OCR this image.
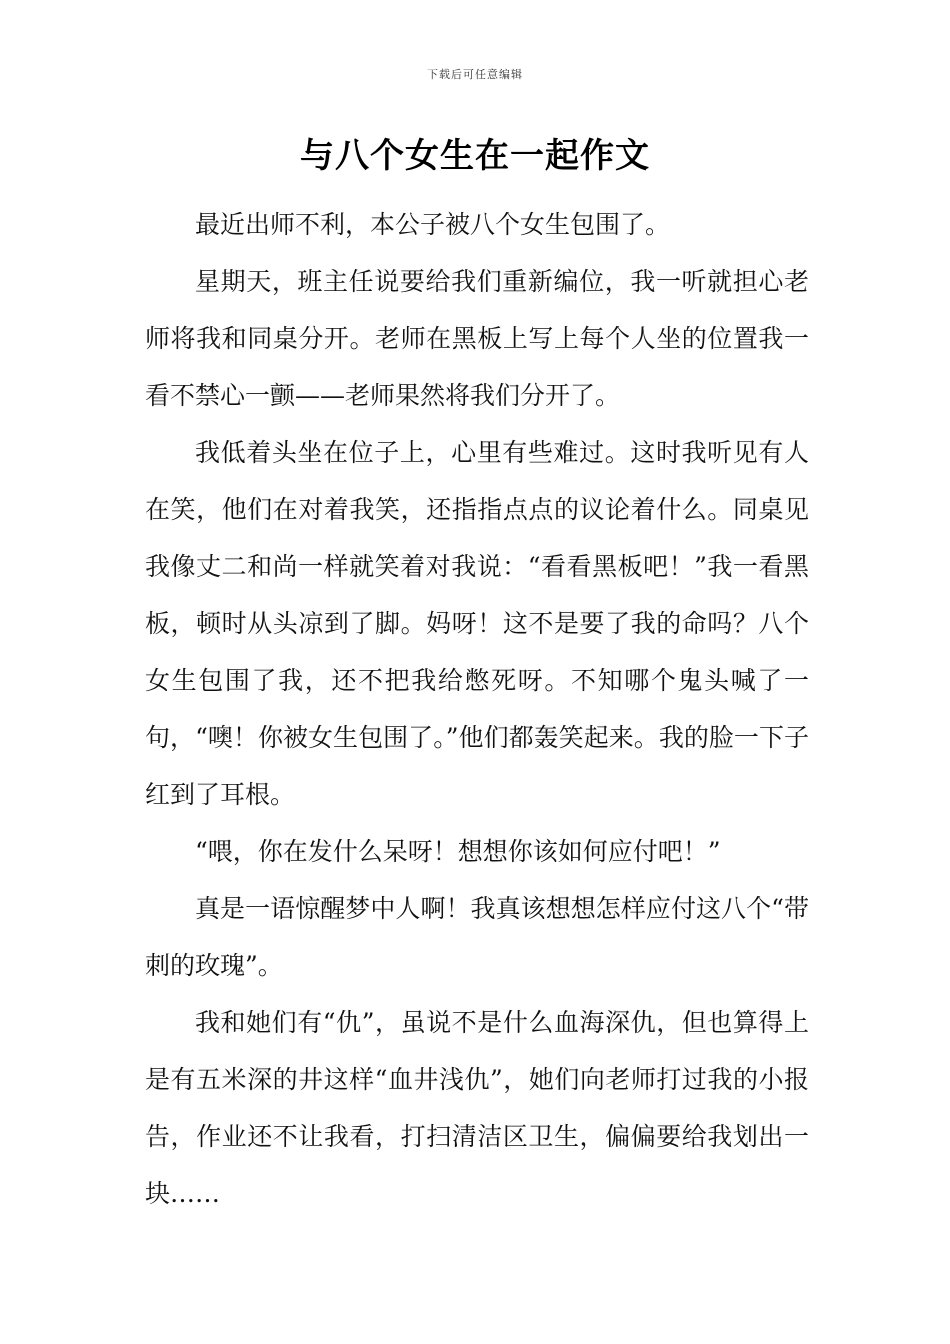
下载后可任意编辑
与八个女生在一起作文

最近出师不利，本公子被八个女生包围了。

星期天，班主任说要给我们重新编位，我一听就担心老师将我和同桌分开。老师在黑板上写上每个人坐的位置我一看不禁心一颤——老师果然将我们分开了。

我低着头坐在位子上，心里有些难过。这时我听见有人在笑，他们在对着我笑，还指指点点的议论着什么。同桌见我像丈二和尚一样就笑着对我说：“看看黑板吧！”我一看黑板，顿时从头凉到了脚。妈呀！这不是要了我的命吗？八个女生包围了我，还不把我给憋死呀。不知哪个鬼头喊了一句，“噢！你被女生包围了。”他们都轰笑起来。我的脸一下子红到了耳根。

“喂，你在发什么呆呀！想想你该如何应付吧！”

真是一语惊醒梦中人啊！我真该想想怎样应付这八个“带刺的玫瑰”。

我和她们有“仇”，虽说不是什么血海深仇，但也算得上是有五米深的井这样“血井浅仇”，她们向老师打过我的小报告，作业还不让我看，打扫清洁区卫生，偏偏要给我划出一块……
